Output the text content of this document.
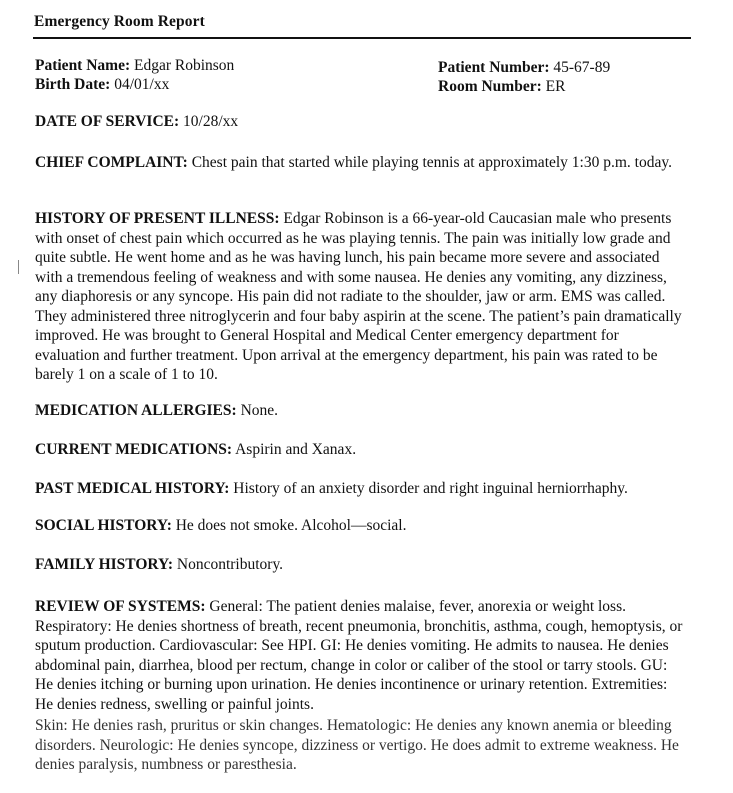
Emergency Room Report
Patient Name: Edgar Robinson
Birth Date: 04/01/xx
Patient Number: 45-67-89
Room Number: ER
DATE OF SERVICE: 10/28/xx
CHIEF COMPLAINT: Chest pain that started while playing tennis at approximately 1:30 p.m. today.
HISTORY OF PRESENT ILLNESS: Edgar Robinson is a 66-year-old Caucasian male who presents with onset of chest pain which occurred as he was playing tennis. The pain was initially low grade and quite subtle. He went home and as he was having lunch, his pain became more severe and associated with a tremendous feeling of weakness and with some nausea. He denies any vomiting, any dizziness, any diaphoresis or any syncope. His pain did not radiate to the shoulder, jaw or arm. EMS was called. They administered three nitroglycerin and four baby aspirin at the scene. The patient’s pain dramatically improved. He was brought to General Hospital and Medical Center emergency department for evaluation and further treatment. Upon arrival at the emergency department, his pain was rated to be barely 1 on a scale of 1 to 10.
MEDICATION ALLERGIES: None.
CURRENT MEDICATIONS: Aspirin and Xanax.
PAST MEDICAL HISTORY: History of an anxiety disorder and right inguinal herniorrhaphy.
SOCIAL HISTORY: He does not smoke. Alcohol—social.
FAMILY HISTORY: Noncontributory.
REVIEW OF SYSTEMS: General: The patient denies malaise, fever, anorexia or weight loss. Respiratory: He denies shortness of breath, recent pneumonia, bronchitis, asthma, cough, hemoptysis, or sputum production. Cardiovascular: See HPI. GI: He denies vomiting. He admits to nausea. He denies abdominal pain, diarrhea, blood per rectum, change in color or caliber of the stool or tarry stools. GU: He denies itching or burning upon urination. He denies incontinence or urinary retention. Extremities: He denies redness, swelling or painful joints.
Skin: He denies rash, pruritus or skin changes. Hematologic: He denies any known anemia or bleeding disorders. Neurologic: He denies syncope, dizziness or vertigo. He does admit to extreme weakness. He denies paralysis, numbness or paresthesia.
